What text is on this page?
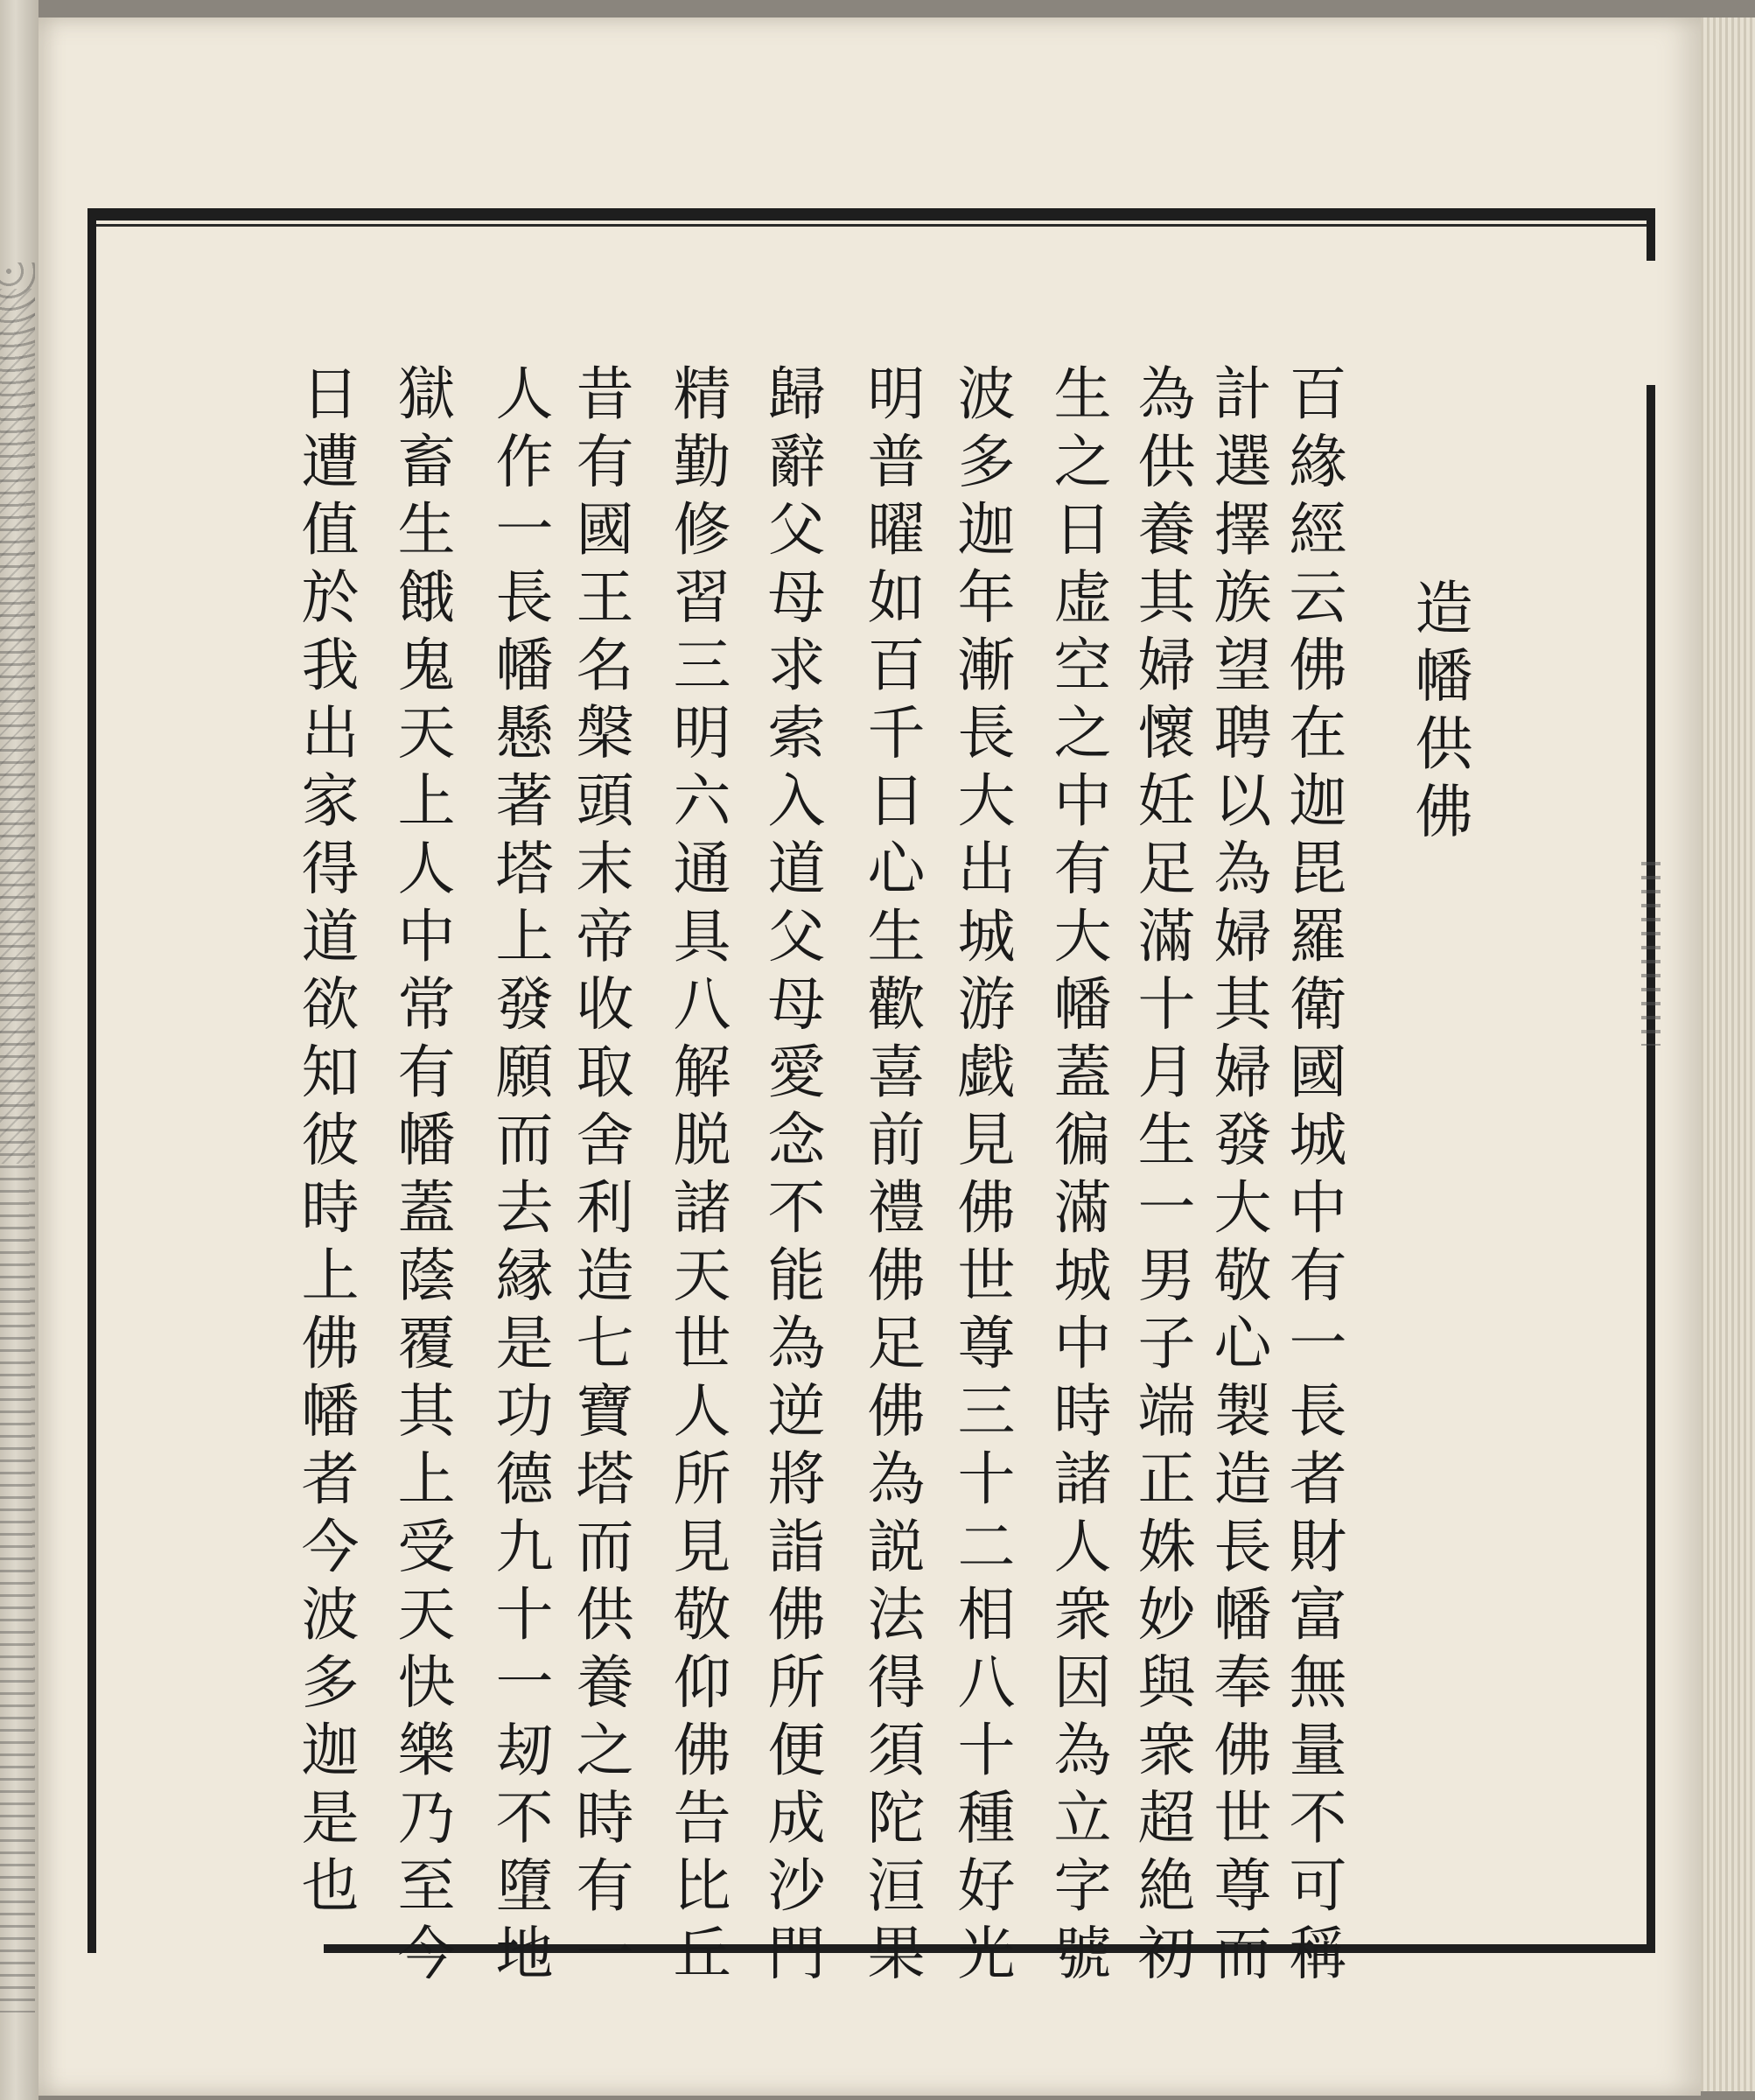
造幡供佛
百緣經云佛在迦毘羅衛國城中有一長者財富無量不可稱
計選擇族望聘以為婦其婦發大敬心製造長幡奉佛世尊而
為供養其婦懷妊足滿十月生一男子端正姝妙與衆超絶初
生之日虚空之中有大幡蓋徧滿城中時諸人衆因為立字號
波多迦年漸長大出城游戯見佛世尊三十二相八十種好光
明普曜如百千日心生歡喜前禮佛足佛為説法得須陀洹果
歸辭父母求索入道父母愛念不能為逆將詣佛所便成沙門
精勤修習三明六通具八解脱諸天世人所見敬仰佛告比丘
昔有國王名槃頭末帝收取舍利造七寶塔而供養之時有一
人作一長幡懸著塔上發願而去縁是功德九十一刼不墮地
獄畜生餓鬼天上人中常有幡蓋蔭覆其上受天快樂乃至今
日遭值於我出家得道欲知彼時上佛幡者今波多迦是也
